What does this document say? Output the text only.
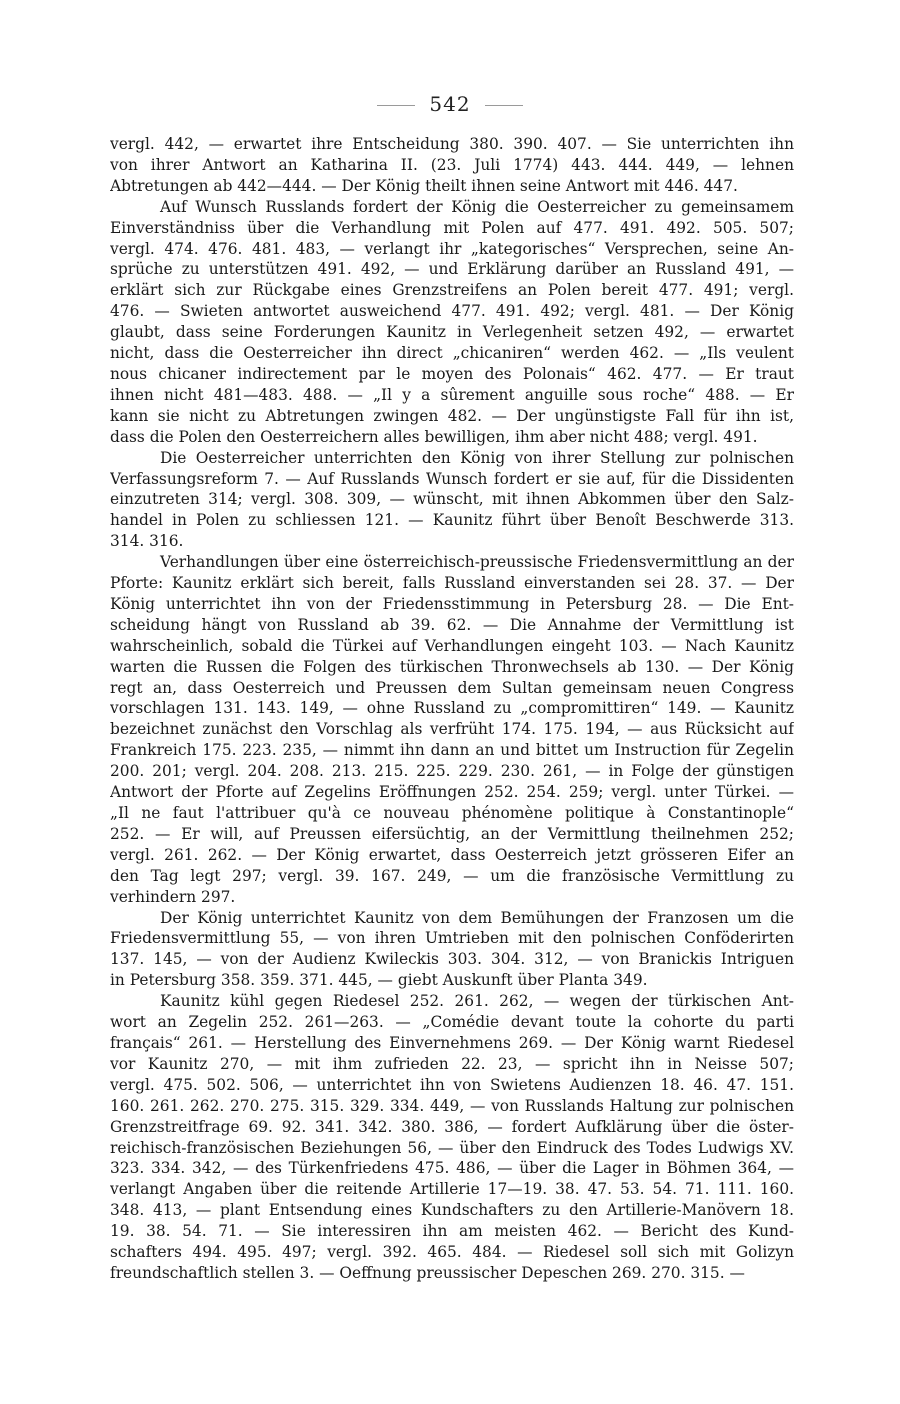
542
vergl. 442, — erwartet ihre Entscheidung 380. 390. 407. — Sie unterrichten ihn
von ihrer Antwort an Katharina II. (23. Juli 1774) 443. 444. 449, — lehnen
Abtretungen ab 442—444. — Der König theilt ihnen seine Antwort mit 446. 447.
Auf Wunsch Russlands fordert der König die Oesterreicher zu gemeinsamem
Einverständniss über die Verhandlung mit Polen auf 477. 491. 492. 505. 507;
vergl. 474. 476. 481. 483, — verlangt ihr „kategorisches“ Versprechen, seine An-
sprüche zu unterstützen 491. 492, — und Erklärung darüber an Russland 491, —
erklärt sich zur Rückgabe eines Grenzstreifens an Polen bereit 477. 491; vergl.
476. — Swieten antwortet ausweichend 477. 491. 492; vergl. 481. — Der König
glaubt, dass seine Forderungen Kaunitz in Verlegenheit setzen 492, — erwartet
nicht, dass die Oesterreicher ihn direct „chicaniren“ werden 462. — „Ils veulent
nous chicaner indirectement par le moyen des Polonais“ 462. 477. — Er traut
ihnen nicht 481—483. 488. — „Il y a sûrement anguille sous roche“ 488. — Er
kann sie nicht zu Abtretungen zwingen 482. — Der ungünstigste Fall für ihn ist,
dass die Polen den Oesterreichern alles bewilligen, ihm aber nicht 488; vergl. 491.
Die Oesterreicher unterrichten den König von ihrer Stellung zur polnischen
Verfassungsreform 7. — Auf Russlands Wunsch fordert er sie auf, für die Dissidenten
einzutreten 314; vergl. 308. 309, — wünscht, mit ihnen Abkommen über den Salz-
handel in Polen zu schliessen 121. — Kaunitz führt über Benoît Beschwerde 313.
314. 316.
Verhandlungen über eine österreichisch-preussische Friedensvermittlung an der
Pforte: Kaunitz erklärt sich bereit, falls Russland einverstanden sei 28. 37. — Der
König unterrichtet ihn von der Friedensstimmung in Petersburg 28. — Die Ent-
scheidung hängt von Russland ab 39. 62. — Die Annahme der Vermittlung ist
wahrscheinlich, sobald die Türkei auf Verhandlungen eingeht 103. — Nach Kaunitz
warten die Russen die Folgen des türkischen Thronwechsels ab 130. — Der König
regt an, dass Oesterreich und Preussen dem Sultan gemeinsam neuen Congress
vorschlagen 131. 143. 149, — ohne Russland zu „compromittiren“ 149. — Kaunitz
bezeichnet zunächst den Vorschlag als verfrüht 174. 175. 194, — aus Rücksicht auf
Frankreich 175. 223. 235, — nimmt ihn dann an und bittet um Instruction für Zegelin
200. 201; vergl. 204. 208. 213. 215. 225. 229. 230. 261, — in Folge der günstigen
Antwort der Pforte auf Zegelins Eröffnungen 252. 254. 259; vergl. unter Türkei. —
„Il ne faut l'attribuer qu'à ce nouveau phénomène politique à Constantinople“
252. — Er will, auf Preussen eifersüchtig, an der Vermittlung theilnehmen 252;
vergl. 261. 262. — Der König erwartet, dass Oesterreich jetzt grösseren Eifer an
den Tag legt 297; vergl. 39. 167. 249, — um die französische Vermittlung zu
verhindern 297.
Der König unterrichtet Kaunitz von dem Bemühungen der Franzosen um die
Friedensvermittlung 55, — von ihren Umtrieben mit den polnischen Conföderirten
137. 145, — von der Audienz Kwileckis 303. 304. 312, — von Branickis Intriguen
in Petersburg 358. 359. 371. 445, — giebt Auskunft über Planta 349.
Kaunitz kühl gegen Riedesel 252. 261. 262, — wegen der türkischen Ant-
wort an Zegelin 252. 261—263. — „Comédie devant toute la cohorte du parti
français“ 261. — Herstellung des Einvernehmens 269. — Der König warnt Riedesel
vor Kaunitz 270, — mit ihm zufrieden 22. 23, — spricht ihn in Neisse 507;
vergl. 475. 502. 506, — unterrichtet ihn von Swietens Audienzen 18. 46. 47. 151.
160. 261. 262. 270. 275. 315. 329. 334. 449, — von Russlands Haltung zur polnischen
Grenzstreitfrage 69. 92. 341. 342. 380. 386, — fordert Aufklärung über die öster-
reichisch-französischen Beziehungen 56, — über den Eindruck des Todes Ludwigs XV.
323. 334. 342, — des Türkenfriedens 475. 486, — über die Lager in Böhmen 364, —
verlangt Angaben über die reitende Artillerie 17—19. 38. 47. 53. 54. 71. 111. 160.
348. 413, — plant Entsendung eines Kundschafters zu den Artillerie-Manövern 18.
19. 38. 54. 71. — Sie interessiren ihn am meisten 462. — Bericht des Kund-
schafters 494. 495. 497; vergl. 392. 465. 484. — Riedesel soll sich mit Golizyn
freundschaftlich stellen 3. — Oeffnung preussischer Depeschen 269. 270. 315. —
